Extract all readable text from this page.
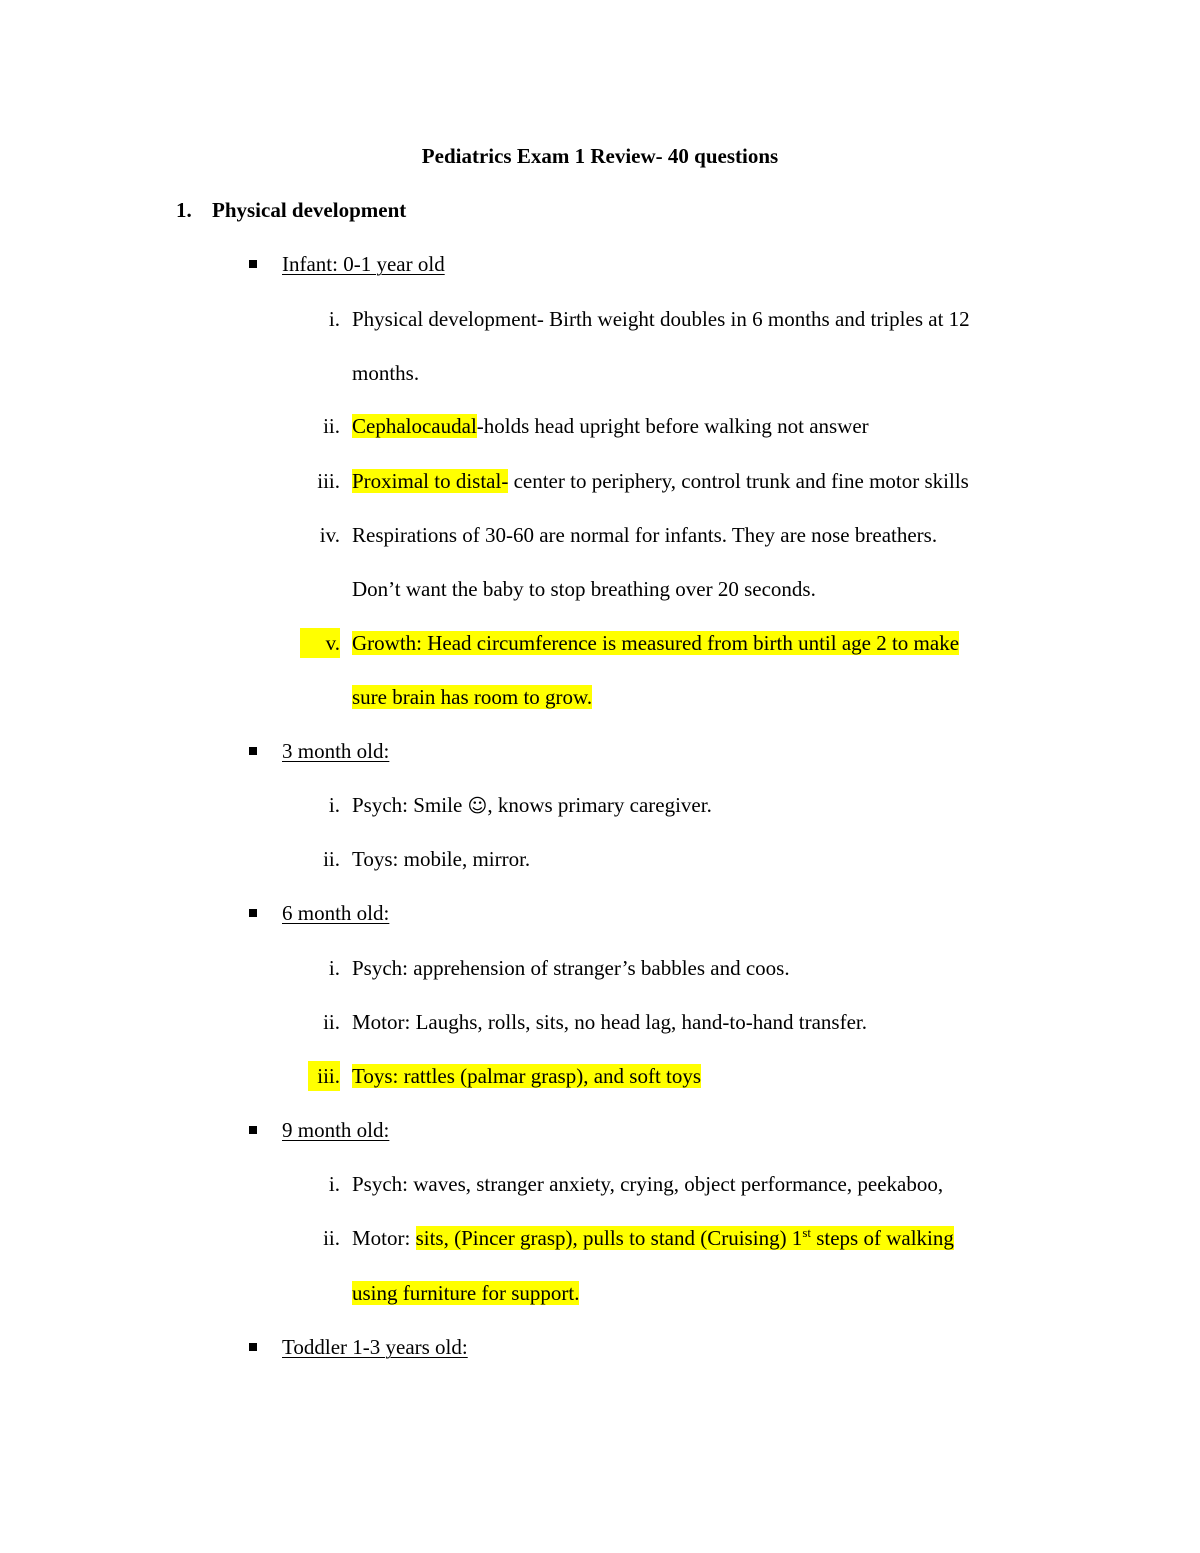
Pediatrics Exam 1 Review- 40 questions
1. Physical development
Infant: 0-1 year old
i. Physical development- Birth weight doubles in 6 months and triples at 12
months.
ii. Cephalocaudal-holds head upright before walking not answer
iii. Proximal to distal- center to periphery, control trunk and fine motor skills
iv. Respirations of 30-60 are normal for infants. They are nose breathers.
Don’t want the baby to stop breathing over 20 seconds.
v. Growth: Head circumference is measured from birth until age 2 to make
sure brain has room to grow.
3 month old:
i. Psych: Smile ☺, knows primary caregiver.
ii. Toys: mobile, mirror.
6 month old:
i. Psych: apprehension of stranger’s babbles and coos.
ii. Motor: Laughs, rolls, sits, no head lag, hand-to-hand transfer.
iii. Toys: rattles (palmar grasp), and soft toys
9 month old:
i. Psych: waves, stranger anxiety, crying, object performance, peekaboo,
ii. Motor: sits, (Pincer grasp), pulls to stand (Cruising) 1st steps of walking
using furniture for support.
Toddler 1-3 years old:
